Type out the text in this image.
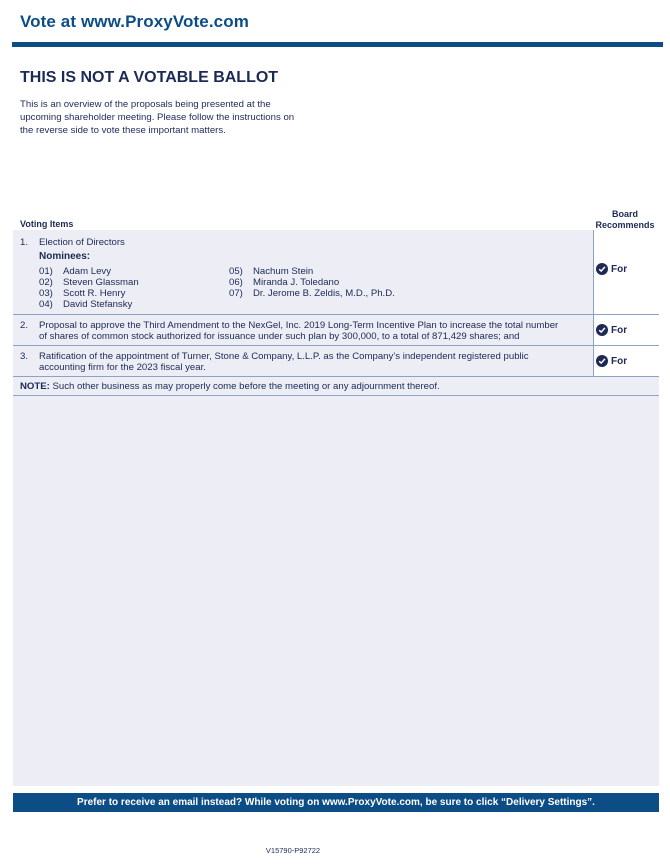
Vote at www.ProxyVote.com
THIS IS NOT A VOTABLE BALLOT
This is an overview of the proposals being presented at the
upcoming shareholder meeting. Please follow the instructions on
the reverse side to vote these important matters.
Voting Items
Board
Recommends
1. Election of Directors
Nominees:
01) Adam Levy
02) Steven Glassman
03) Scott R. Henry
04) David Stefansky
05) Nachum Stein
06) Miranda J. Toledano
07) Dr. Jerome B. Zeldis, M.D., Ph.D.
For
2. Proposal to approve the Third Amendment to the NexGel, Inc. 2019 Long-Term Incentive Plan to increase the total number
of shares of common stock authorized for issuance under such plan by 300,000, to a total of 871,429 shares; and
For
3. Ratification of the appointment of Turner, Stone & Company, L.L.P. as the Company’s independent registered public
accounting firm for the 2023 fiscal year.
For
NOTE: Such other business as may properly come before the meeting or any adjournment thereof.
Prefer to receive an email instead? While voting on www.ProxyVote.com, be sure to click “Delivery Settings”.
V15790-P92722
